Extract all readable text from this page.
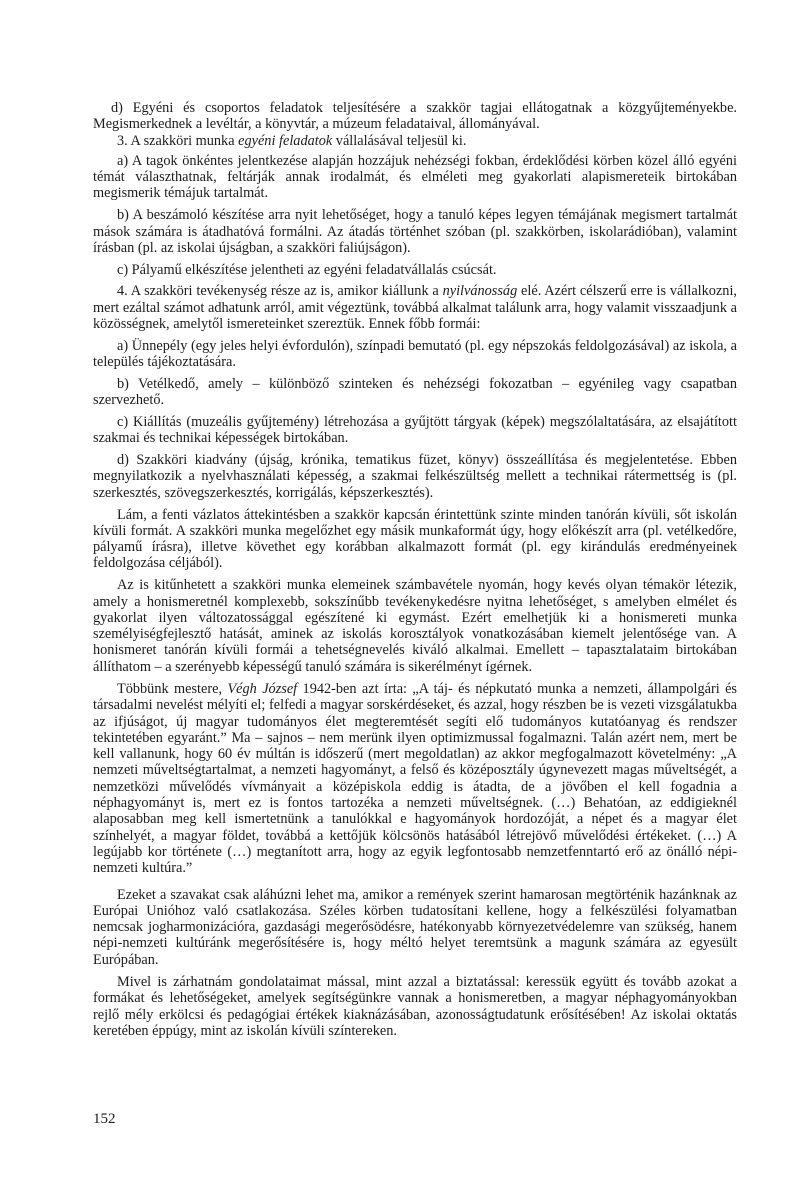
d) Egyéni és csoportos feladatok teljesítésére a szakkör tagjai ellátogatnak a közgyűjteményekbe. Megismerkednek a levéltár, a könyvtár, a múzeum feladataival, állományával.

3. A szakköri munka egyéni feladatok vállalásával teljesül ki.

a) A tagok önkéntes jelentkezése alapján hozzájuk nehézségi fokban, érdeklődési körben közel álló egyéni témát választhatnak, feltárják annak irodalmát, és elméleti meg gyakorlati alapismereteik birtokában megismerik témájuk tartalmát.

b) A beszámoló készítése arra nyit lehetőséget, hogy a tanuló képes legyen témájának megismert tartalmát mások számára is átadhatóvá formálni. Az átadás történhet szóban (pl. szakkörben, iskolarádióban), valamint írásban (pl. az iskolai újságban, a szakköri faliújságon).

c) Pályamű elkészítése jelentheti az egyéni feladatvállalás csúcsát.

4. A szakköri tevékenység része az is, amikor kiállunk a nyilvánosság elé. Azért célszerű erre is vállalkozni, mert ezáltal számot adhatunk arról, amit végeztünk, továbbá alkalmat találunk arra, hogy valamit visszaadjunk a közösségnek, amelytől ismereteinket szereztük. Ennek főbb formái:

a) Ünnepély (egy jeles helyi évfordulón), színpadi bemutató (pl. egy népszokás feldolgozásával) az iskola, a település tájékoztatására.

b) Vetélkedő, amely – különböző szinteken és nehézségi fokozatban – egyénileg vagy csapatban szervezhető.

c) Kiállítás (muzeális gyűjtemény) létrehozása a gyűjtött tárgyak (képek) megszólaltatására, az elsajátított szakmai és technikai képességek birtokában.

d) Szakköri kiadvány (újság, krónika, tematikus füzet, könyv) összeállítása és megjelentetése. Ebben megnyilatkozik a nyelvhasználati képesség, a szakmai felkészültség mellett a technikai rátermettség is (pl. szerkesztés, szövegszerkesztés, korrigálás, képszerkesztés).

Lám, a fenti vázlatos áttekintésben a szakkör kapcsán érintettünk szinte minden tanórán kívüli, sőt iskolán kívüli formát. A szakköri munka megelőzhet egy másik munkaformát úgy, hogy előkészít arra (pl. vetélkedőre, pályamű írásra), illetve követhet egy korábban alkalmazott formát (pl. egy kirándulás eredményeinek feldolgozása céljából).

Az is kitűnhetett a szakköri munka elemeinek számbavétele nyomán, hogy kevés olyan témakör létezik, amely a honismeretnél komplexebb, sokszínűbb tevékenykedésre nyitna lehetőséget, s amelyben elmélet és gyakorlat ilyen változatossággal egészítené ki egymást. Ezért emelhetjük ki a honismereti munka személyiségfejlesztő hatását, aminek az iskolás korosztályok vonatkozásában kiemelt jelentősége van. A honismeret tanórán kívüli formái a tehetségnevelés kiváló alkalmai. Emellett – tapasztalataim birtokában állíthatom – a szerényebb képességű tanuló számára is sikerélményt ígérnek.

Többünk mestere, Végh József 1942-ben azt írta: „A táj- és népkutató munka a nemzeti, állampolgári és társadalmi nevelést mélyíti el; felfedi a magyar sorskérdéseket, és azzal, hogy részben be is vezeti vizsgálatukba az ifjúságot, új magyar tudományos élet megteremtését segíti elő tudományos kutatóanyag és rendszer tekintetében egyaránt.” Ma – sajnos – nem merünk ilyen optimizmussal fogalmazni. Talán azért nem, mert be kell vallanunk, hogy 60 év múltán is időszerű (mert megoldatlan) az akkor megfogalmazott követelmény: „A nemzeti műveltségtartalmat, a nemzeti hagyományt, a felső és középosztály úgynevezett magas műveltségét, a nemzetközi művelődés vívmányait a középiskola eddig is átadta, de a jövőben el kell fogadnia a néphagyományt is, mert ez is fontos tartozéka a nemzeti műveltségnek. (…) Behatóan, az eddigieknél alaposabban meg kell ismertetnünk a tanulókkal e hagyományok hordozóját, a népet és a magyar élet színhelyét, a magyar földet, továbbá a kettőjük kölcsönös hatásából létrejövő művelődési értékeket. (…) A legújabb kor története (…) megtanított arra, hogy az egyik legfontosabb nemzetfenntartó erő az önálló népi-nemzeti kultúra.”

Ezeket a szavakat csak aláhúzni lehet ma, amikor a remények szerint hamarosan megtörténik hazánknak az Európai Unióhoz való csatlakozása. Széles körben tudatosítani kellene, hogy a felkészülési folyamatban nemcsak jogharmonizációra, gazdasági megerősödésre, hatékonyabb környezetvédelemre van szükség, hanem népi-nemzeti kultúránk megerősítésére is, hogy méltó helyet teremtsünk a magunk számára az egyesült Európában.

Mivel is zárhatnám gondolataimat mással, mint azzal a biztatással: keressük együtt és tovább azokat a formákat és lehetőségeket, amelyek segítségünkre vannak a honismeretben, a magyar néphagyományokban rejlő mély erkölcsi és pedagógiai értékek kiaknázásában, azonosságtudatunk erősítésében! Az iskolai oktatás keretében éppúgy, mint az iskolán kívüli színtereken.

152
